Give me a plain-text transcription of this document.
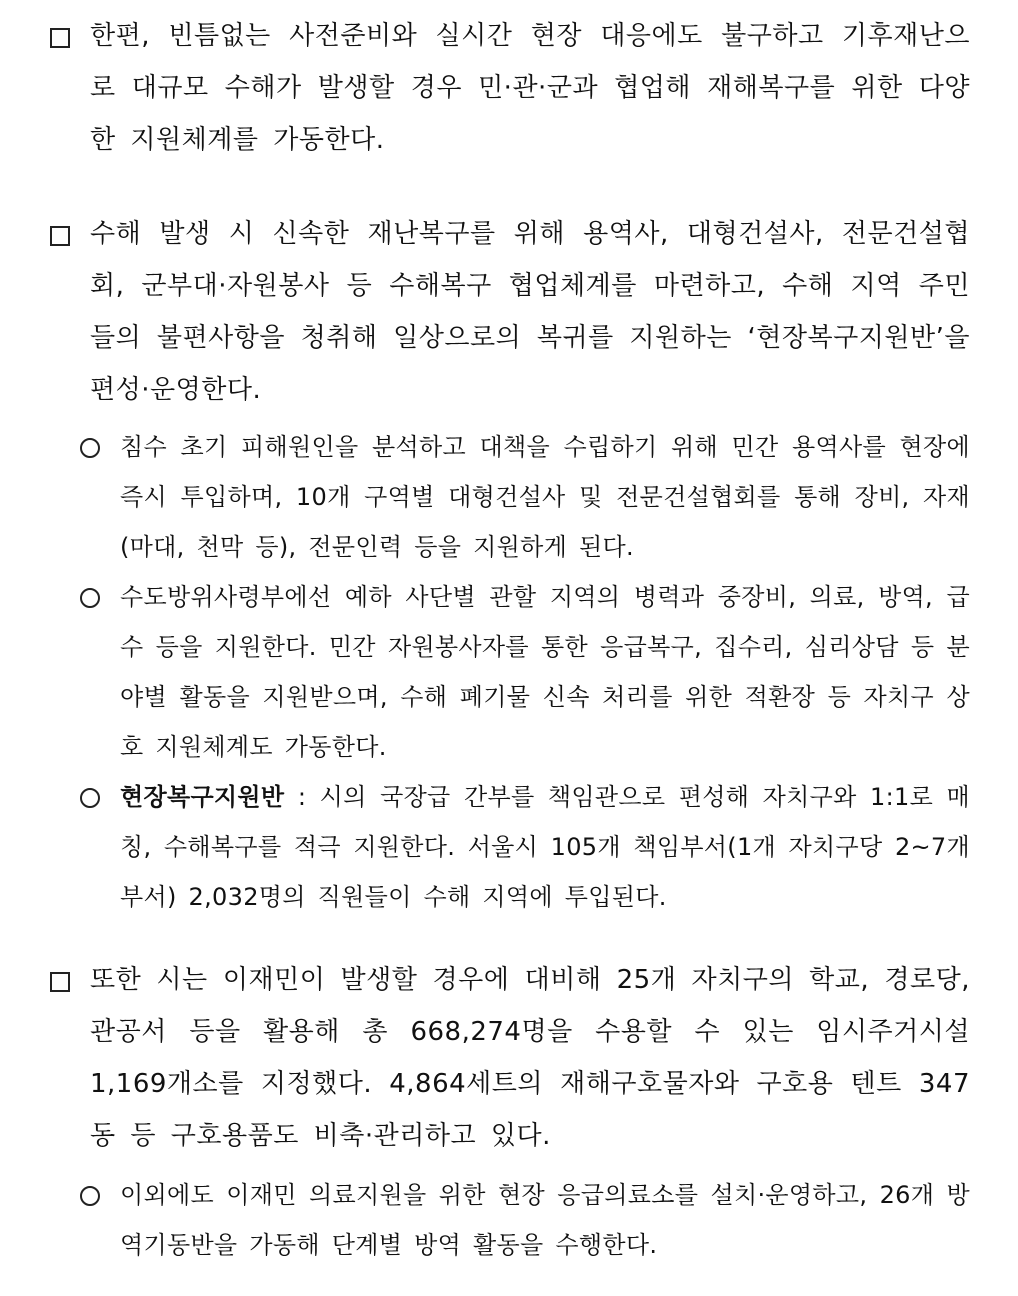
한편, 빈틈없는 사전준비와 실시간 현장 대응에도 불구하고 기후재난으로 대규모 수해가 발생할 경우 민·관·군과 협업해 재해복구를 위한 다양한 지원체계를 가동한다.
수해 발생 시 신속한 재난복구를 위해 용역사, 대형건설사, 전문건설협회, 군부대·자원봉사 등 수해복구 협업체계를 마련하고, 수해 지역 주민들의 불편사항을 청취해 일상으로의 복귀를 지원하는 ‘현장복구지원반’을 편성·운영한다.
침수 초기 피해원인을 분석하고 대책을 수립하기 위해 민간 용역사를 현장에 즉시 투입하며, 10개 구역별 대형건설사 및 전문건설협회를 통해 장비, 자재(마대, 천막 등), 전문인력 등을 지원하게 된다.
수도방위사령부에선 예하 사단별 관할 지역의 병력과 중장비, 의료, 방역, 급수 등을 지원한다. 민간 자원봉사자를 통한 응급복구, 집수리, 심리상담 등 분야별 활동을 지원받으며, 수해 폐기물 신속 처리를 위한 적환장 등 자치구 상호 지원체계도 가동한다.
현장복구지원반 : 시의 국장급 간부를 책임관으로 편성해 자치구와 1:1로 매칭, 수해복구를 적극 지원한다. 서울시 105개 책임부서(1개 자치구당 2~7개 부서) 2,032명의 직원들이 수해 지역에 투입된다.
또한 시는 이재민이 발생할 경우에 대비해 25개 자치구의 학교, 경로당, 관공서 등을 활용해 총 668,274명을 수용할 수 있는 임시주거시설 1,169개소를 지정했다. 4,864세트의 재해구호물자와 구호용 텐트 347동 등 구호용품도 비축·관리하고 있다.
이외에도 이재민 의료지원을 위한 현장 응급의료소를 설치·운영하고, 26개 방역기동반을 가동해 단계별 방역 활동을 수행한다.
